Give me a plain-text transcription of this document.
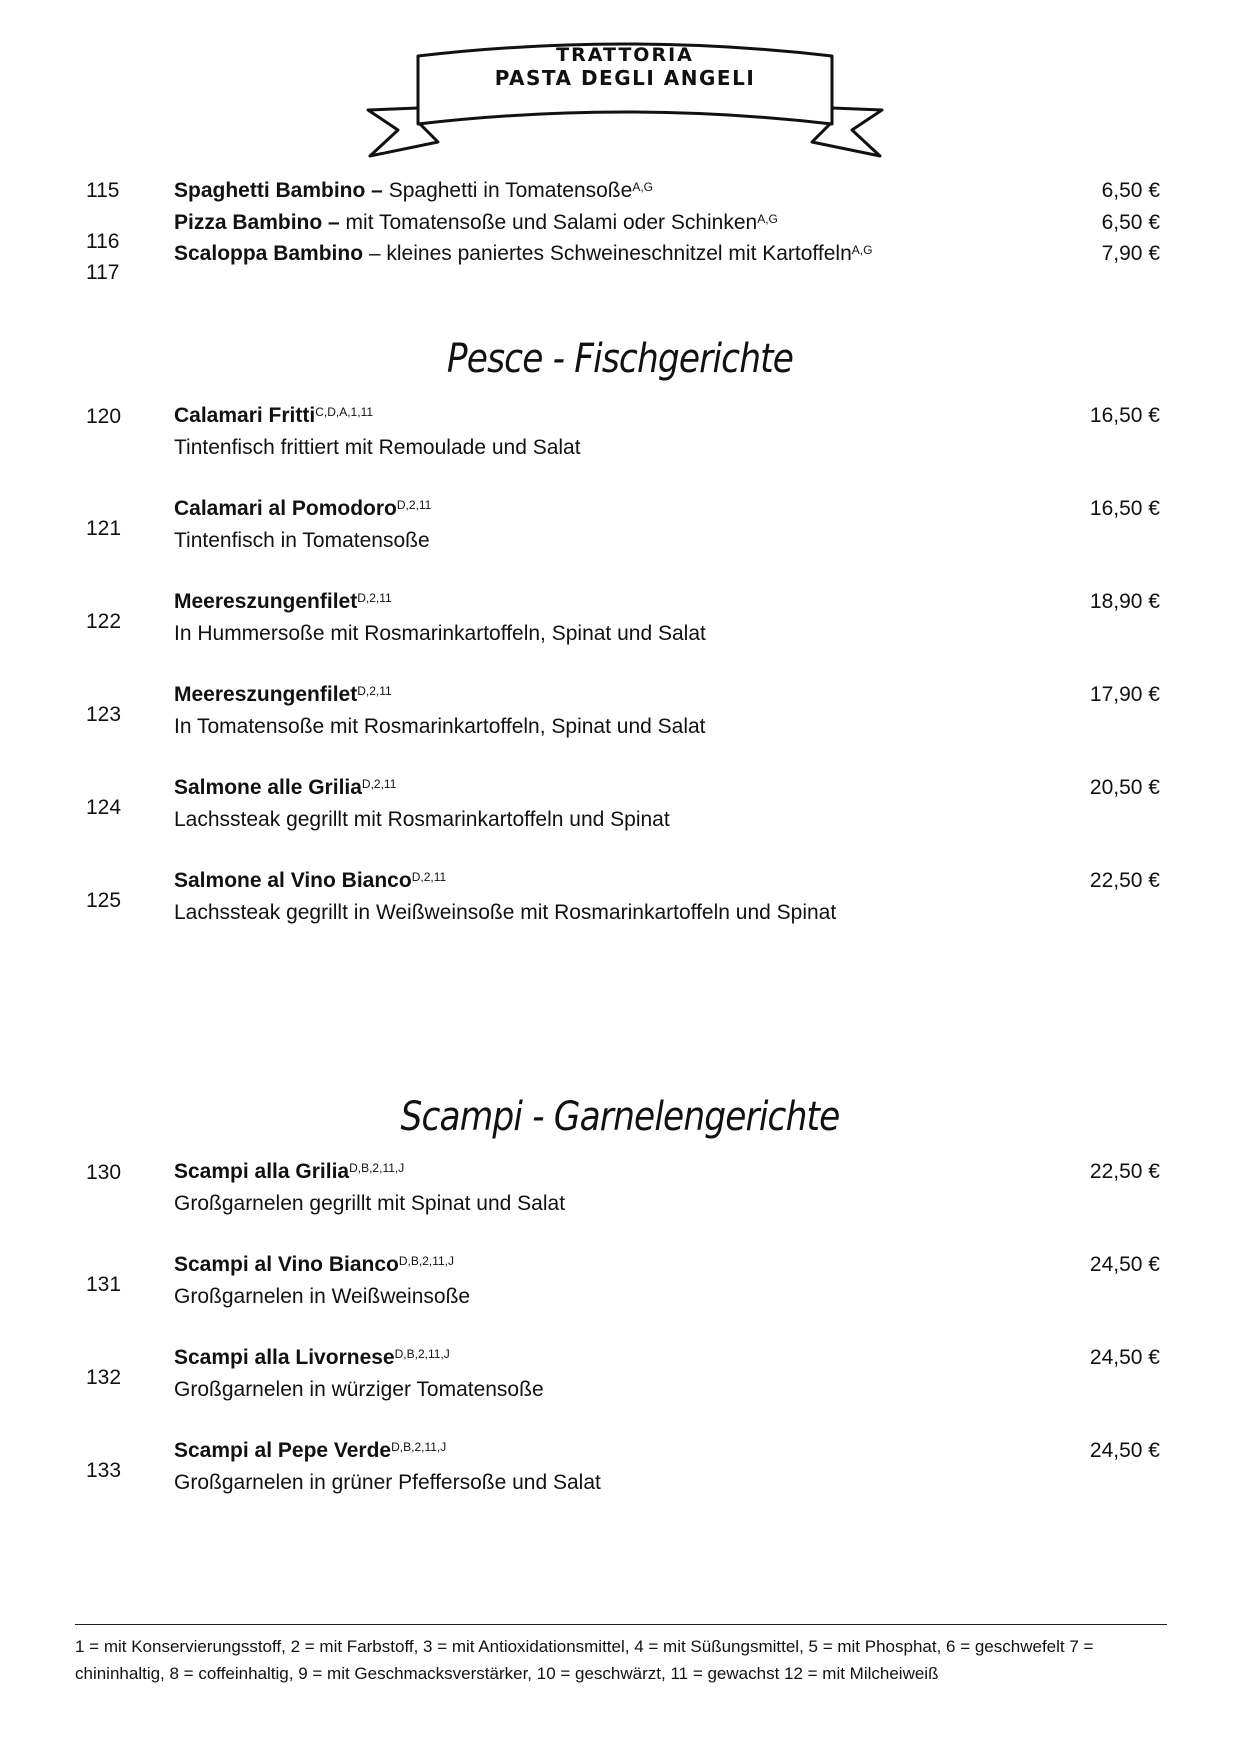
TRATTORIA
PASTA DEGLI ANGELI
115
116
117
Spaghetti Bambino – Spaghetti in Tomatensoße$^{A,G}$
Pizza Bambino – mit Tomatensoße und Salami oder Schinken$^{A,G}$
Scaloppa Bambino – kleines paniertes Schweineschnitzel mit Kartoffeln$^{A,G}$
6,50 €
6,50 €
7,90 €
Pesce - Fischgerichte
120	Calamari Fritti$^{C,D,A,1,11}$
Tintenfisch frittiert mit Remoulade und Salat
16,50 €
121
Calamari al Pomodoro$^{D,2,11}$
Tintenfisch in Tomatensoße
16,50 €
122
Meereszungenfilet$^{D,2,11}$
In Hummersoße mit Rosmarinkartoffeln, Spinat und Salat
18,90 €
123
Meereszungenfilet$^{D,2,11}$
In Tomatensoße mit Rosmarinkartoffeln, Spinat und Salat
17,90 €
124
Salmone alle Grilia$^{D,2,11}$
Lachssteak gegrillt mit Rosmarinkartoffeln und Spinat
20,50 €
125
Salmone al Vino Bianco$^{D,2,11}$
Lachssteak gegrillt in Weißweinsoße mit Rosmarinkartoffeln und Spinat
22,50 €
Scampi - Garnelengerichte
130	Scampi alla Grilia$^{D,B,2,11,J}$
Großgarnelen gegrillt mit Spinat und Salat
22,50 €
131
Scampi al Vino Bianco$^{D,B,2,11,J}$
Großgarnelen in Weißweinsoße
24,50 €
132
Scampi alla Livornese$^{D,B,2,11,J}$
Großgarnelen in würziger Tomatensoße
24,50 €
133
Scampi al Pepe Verde$^{D,B,2,11,J}$
Großgarnelen in grüner Pfeffersoße und Salat
24,50 €
1 = mit Konservierungsstoff, 2 = mit Farbstoff, 3 = mit Antioxidationsmittel, 4 = mit Süßungsmittel, 5 = mit Phosphat, 6 = geschwefelt 7 = chininhaltig, 8 = coffeinhaltig, 9 = mit Geschmacksverstärker, 10 = geschwärzt, 11 = gewachst 12 = mit Milcheiweiß
